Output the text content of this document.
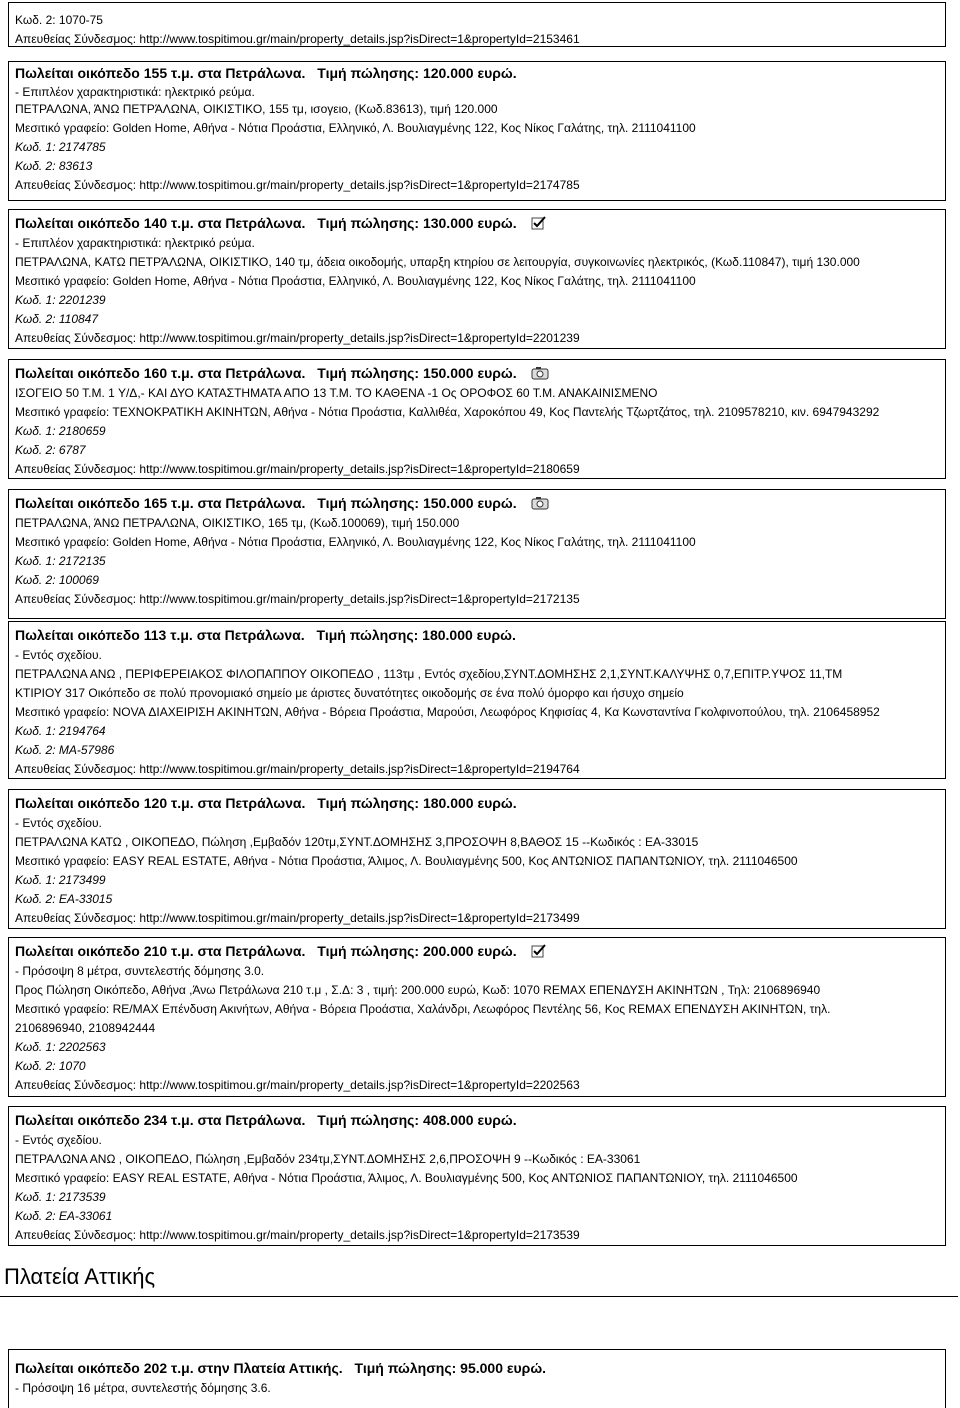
Κωδ. 2: 1070-75
Απευθείας Σύνδεσμος: http://www.tospitimou.gr/main/property_details.jsp?isDirect=1&propertyId=2153461
Πωλείται οικόπεδο 155 τ.μ. στα Πετράλωνα. Τιμή πώλησης: 120.000 ευρώ.
- Επιπλέον χαρακτηριστικά: ηλεκτρικό ρεύμα.
ΠΕΤΡΑΛΩΝΑ, ΆΝΩ ΠΕΤΡΆΛΩΝΑ, ΟΙΚΙΣΤΙΚΟ, 155 τμ, ισογειο, (Κωδ.83613), τιμή 120.000
Μεσιτικό γραφείο: Golden Home, Αθήνα - Νότια Προάστια, Ελληνικό, Λ. Βουλιαγμένης 122, Κος Νίκος Γαλάτης, τηλ. 2111041100
Κωδ. 1: 2174785
Κωδ. 2: 83613
Απευθείας Σύνδεσμος: http://www.tospitimou.gr/main/property_details.jsp?isDirect=1&propertyId=2174785
Πωλείται οικόπεδο 140 τ.μ. στα Πετράλωνα. Τιμή πώλησης: 130.000 ευρώ.
- Επιπλέον χαρακτηριστικά: ηλεκτρικό ρεύμα.
ΠΕΤΡΑΛΩΝΑ, ΚΑΤΩ ΠΕΤΡΆΛΩΝΑ, ΟΙΚΙΣΤΙΚΟ, 140 τμ, άδεια οικοδομής, υπαρξη κτηρίου σε λειτουργία, συγκοινωνίες ηλεκτρικός, (Κωδ.110847), τιμή 130.000
Μεσιτικό γραφείο: Golden Home, Αθήνα - Νότια Προάστια, Ελληνικό, Λ. Βουλιαγμένης 122, Κος Νίκος Γαλάτης, τηλ. 2111041100
Κωδ. 1: 2201239
Κωδ. 2: 110847
Απευθείας Σύνδεσμος: http://www.tospitimou.gr/main/property_details.jsp?isDirect=1&propertyId=2201239
Πωλείται οικόπεδο 160 τ.μ. στα Πετράλωνα. Τιμή πώλησης: 150.000 ευρώ.
ΙΣΟΓΕΙΟ 50 Τ.Μ. 1 Υ/Δ,- ΚΑΙ ΔΥΟ ΚΑΤΑΣΤΗΜΑΤΑ ΑΠΟ 13 Τ.Μ. ΤΟ ΚΑΘΕΝΑ -1 Ος ΟΡΟΦΟΣ 60 Τ.Μ. ΑΝΑΚΑΙΝΙΣΜΕΝΟ
Μεσιτικό γραφείο: ΤΕΧΝΟΚΡΑΤΙΚΗ ΑΚΙΝΗΤΩΝ, Αθήνα - Νότια Προάστια, Καλλιθέα, Χαροκόπου 49, Κος Παντελής Τζωρτζάτος, τηλ. 2109578210, κιν. 6947943292
Κωδ. 1: 2180659
Κωδ. 2: 6787
Απευθείας Σύνδεσμος: http://www.tospitimou.gr/main/property_details.jsp?isDirect=1&propertyId=2180659
Πωλείται οικόπεδο 165 τ.μ. στα Πετράλωνα. Τιμή πώλησης: 150.000 ευρώ.
ΠΕΤΡΑΛΩΝΑ, ΆΝΩ ΠΕΤΡΑΛΩΝΑ, ΟΙΚΙΣΤΙΚΟ, 165 τμ, (Κωδ.100069), τιμή 150.000
Μεσιτικό γραφείο: Golden Home, Αθήνα - Νότια Προάστια, Ελληνικό, Λ. Βουλιαγμένης 122, Κος Νίκος Γαλάτης, τηλ. 2111041100
Κωδ. 1: 2172135
Κωδ. 2: 100069
Απευθείας Σύνδεσμος: http://www.tospitimou.gr/main/property_details.jsp?isDirect=1&propertyId=2172135
Πωλείται οικόπεδο 113 τ.μ. στα Πετράλωνα. Τιμή πώλησης: 180.000 ευρώ.
- Εντός σχεδίου.
ΠΕΤΡΑΛΩΝΑ ΑΝΩ , ΠΕΡΙΦΕΡΕΙΑΚΟΣ ΦΙΛΟΠΑΠΠΟΥ ΟΙΚΟΠΕΔΟ , 113τμ , Εντός σχεδίου,ΣΥΝΤ.ΔΟΜΗΣΗΣ 2,1,ΣΥΝΤ.ΚΑΛΥΨΗΣ 0,7,ΕΠΙΤΡ.ΥΨΟΣ 11,ΤΜ
ΚΤΙΡΙΟΥ 317 Οικόπεδο σε πολύ προνομιακό σημείο με άριστες δυνατότητες οικοδομής σε ένα πολύ όμορφο και ήσυχο σημείο
Μεσιτικό γραφείο: NOVA ΔΙΑΧΕΙΡΙΣΗ ΑΚΙΝΗΤΩΝ, Αθήνα - Βόρεια Προάστια, Μαρούσι, Λεωφόρος Κηφισίας 4, Κα Κωνσταντίνα Γκολφινοπούλου, τηλ. 2106458952
Κωδ. 1: 2194764
Κωδ. 2: MA-57986
Απευθείας Σύνδεσμος: http://www.tospitimou.gr/main/property_details.jsp?isDirect=1&propertyId=2194764
Πωλείται οικόπεδο 120 τ.μ. στα Πετράλωνα. Τιμή πώλησης: 180.000 ευρώ.
- Εντός σχεδίου.
ΠΕΤΡΑΛΩΝΑ ΚΑΤΩ , ΟΙΚΟΠΕΔΟ, Πώληση ,Εμβαδόν 120τμ,ΣΥΝΤ.ΔΟΜΗΣΗΣ 3,ΠΡΟΣΟΨΗ 8,ΒΑΘΟΣ 15 --Κωδικός : EA-33015
Μεσιτικό γραφείο: EASY REAL ESTATE, Αθήνα - Νότια Προάστια, Άλιμος, Λ. Βουλιαγμένης 500, Κος ΑΝΤΩΝΙΟΣ ΠΑΠΑΝΤΩΝΙΟΥ, τηλ. 2111046500
Κωδ. 1: 2173499
Κωδ. 2: EA-33015
Απευθείας Σύνδεσμος: http://www.tospitimou.gr/main/property_details.jsp?isDirect=1&propertyId=2173499
Πωλείται οικόπεδο 210 τ.μ. στα Πετράλωνα. Τιμή πώλησης: 200.000 ευρώ.
- Πρόσοψη 8 μέτρα, συντελεστής δόμησης 3.0.
Προς Πώληση Οικόπεδο, Αθήνα ,Άνω Πετράλωνα 210 τ.μ , Σ.Δ: 3 , τιμή: 200.000 ευρώ, Κωδ: 1070 REMAX ΕΠΕΝΔΥΣΗ ΑΚΙΝΗΤΩΝ , Τηλ: 2106896940
Μεσιτικό γραφείο: RE/MAX Επένδυση Ακινήτων, Αθήνα - Βόρεια Προάστια, Χαλάνδρι, Λεωφόρος Πεντέλης 56, Κος REMAX ΕΠΕΝΔΥΣΗ ΑΚΙΝΗΤΩΝ, τηλ.
2106896940, 2108942444
Κωδ. 1: 2202563
Κωδ. 2: 1070
Απευθείας Σύνδεσμος: http://www.tospitimou.gr/main/property_details.jsp?isDirect=1&propertyId=2202563
Πωλείται οικόπεδο 234 τ.μ. στα Πετράλωνα. Τιμή πώλησης: 408.000 ευρώ.
- Εντός σχεδίου.
ΠΕΤΡΑΛΩΝΑ ΑΝΩ , ΟΙΚΟΠΕΔΟ, Πώληση ,Εμβαδόν 234τμ,ΣΥΝΤ.ΔΟΜΗΣΗΣ 2,6,ΠΡΟΣΟΨΗ 9 --Κωδικός : EA-33061
Μεσιτικό γραφείο: EASY REAL ESTATE, Αθήνα - Νότια Προάστια, Άλιμος, Λ. Βουλιαγμένης 500, Κος ΑΝΤΩΝΙΟΣ ΠΑΠΑΝΤΩΝΙΟΥ, τηλ. 2111046500
Κωδ. 1: 2173539
Κωδ. 2: EA-33061
Απευθείας Σύνδεσμος: http://www.tospitimou.gr/main/property_details.jsp?isDirect=1&propertyId=2173539
Πλατεία Αττικής
Πωλείται οικόπεδο 202 τ.μ. στην Πλατεία Αττικής. Τιμή πώλησης: 95.000 ευρώ.
- Πρόσοψη 16 μέτρα, συντελεστής δόμησης 3.6.
